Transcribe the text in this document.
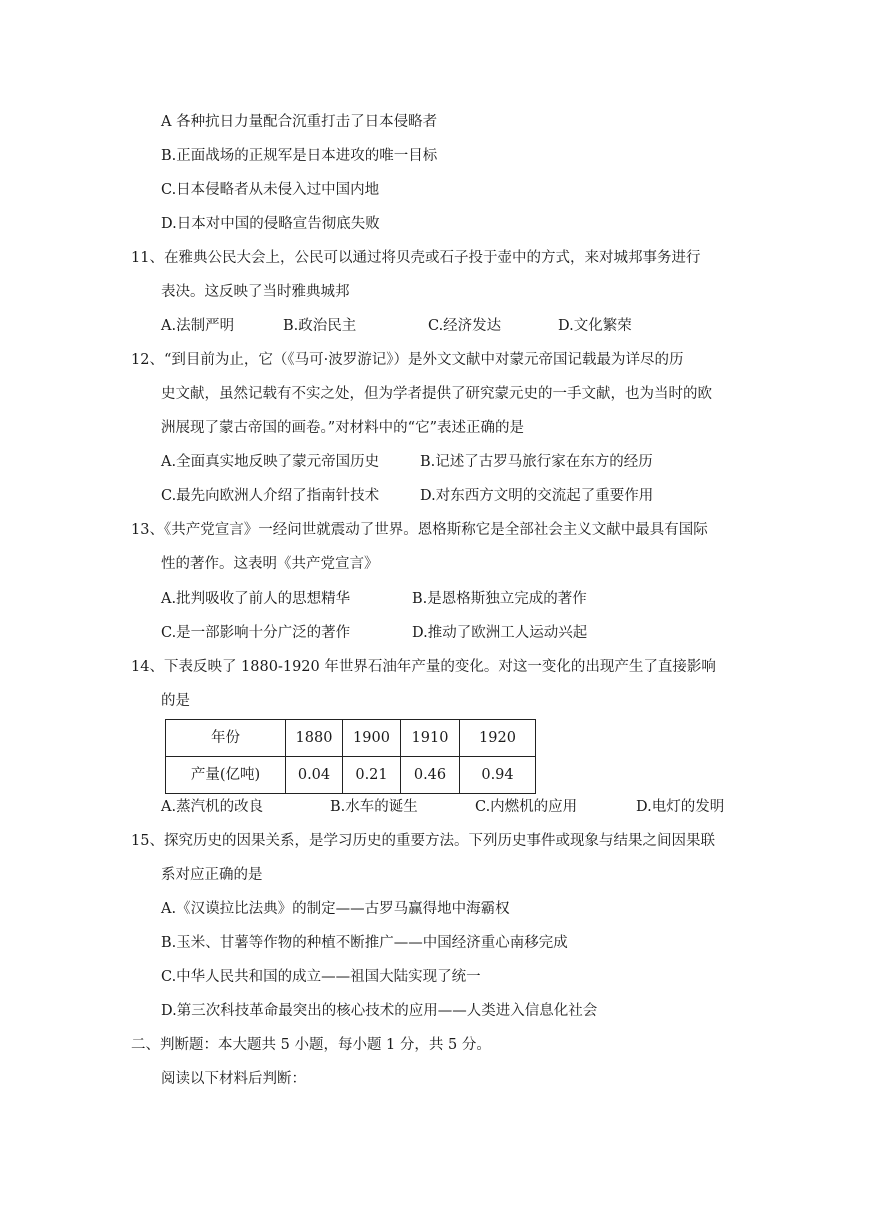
A 各种抗日力量配合沉重打击了日本侵略者
B.正面战场的正规军是日本进攻的唯一目标
C.日本侵略者从未侵入过中国内地
D.日本对中国的侵略宣告彻底失败
11、在雅典公民大会上，公民可以通过将贝壳或石子投于壶中的方式，来对城邦事务进行
表决。这反映了当时雅典城邦
A.法制严明	B.政治民主	C.经济发达	D.文化繁荣
12、“到目前为止，它（《马可·波罗游记》）是外文文献中对蒙元帝国记载最为详尽的历
史文献，虽然记载有不实之处，但为学者提供了研究蒙元史的一手文献，也为当时的欧
洲展现了蒙古帝国的画卷。”对材料中的“它”表述正确的是
A.全面真实地反映了蒙元帝国历史	B.记述了古罗马旅行家在东方的经历
C.最先向欧洲人介绍了指南针技术	D.对东西方文明的交流起了重要作用
13、《共产党宣言》一经问世就震动了世界。恩格斯称它是全部社会主义文献中最具有国际
性的著作。这表明《共产党宣言》
A.批判吸收了前人的思想精华	B.是恩格斯独立完成的著作
C.是一部影响十分广泛的著作	D.推动了欧洲工人运动兴起
14、下表反映了 1880-1920 年世界石油年产量的变化。对这一变化的出现产生了直接影响
的是
年份	1880	1900	1910	1920
产量(亿吨)	0.04	0.21	0.46	0.94
A.蒸汽机的改良	B.水车的诞生	C.内燃机的应用	D.电灯的发明
15、探究历史的因果关系，是学习历史的重要方法。下列历史事件或现象与结果之间因果联
系对应正确的是
A.《汉谟拉比法典》的制定——古罗马赢得地中海霸权
B.玉米、甘薯等作物的种植不断推广——中国经济重心南移完成
C.中华人民共和国的成立——祖国大陆实现了统一
D.第三次科技革命最突出的核心技术的应用——人类进入信息化社会
二、判断题：本大题共 5 小题，每小题 1 分，共 5 分。
阅读以下材料后判断：
